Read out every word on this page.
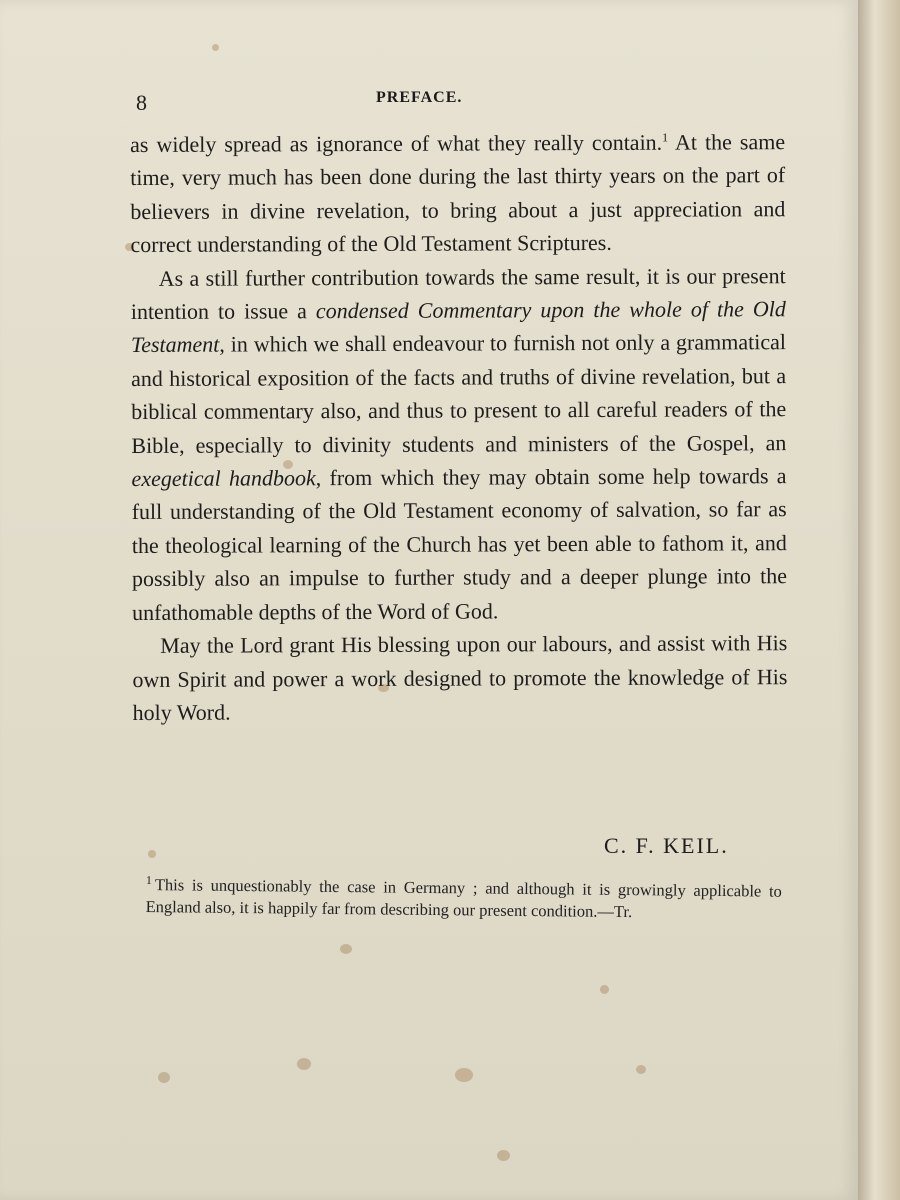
8	PREFACE.

as widely spread as ignorance of what they really contain.$^1$ At the same time, very much has been done during the last thirty years on the part of believers in divine revelation, to bring about a just appreciation and correct understanding of the Old Testament Scriptures.

As a still further contribution towards the same result, it is our present intention to issue a condensed Commentary upon the whole of the Old Testament, in which we shall endeavour to furnish not only a grammatical and historical exposition of the facts and truths of divine revelation, but a biblical commentary also, and thus to present to all careful readers of the Bible, especially to divinity students and ministers of the Gospel, an exegetical handbook, from which they may obtain some help towards a full understanding of the Old Testament economy of salvation, so far as the theological learning of the Church has yet been able to fathom it, and possibly also an impulse to further study and a deeper plunge into the unfathomable depths of the Word of God.

May the Lord grant His blessing upon our labours, and assist with His own Spirit and power a work designed to promote the knowledge of His holy Word.

C. F. KEIL.
$^1$ This is unquestionably the case in Germany ; and although it is growingly applicable to England also, it is happily far from describing our present condition.—Tr.
